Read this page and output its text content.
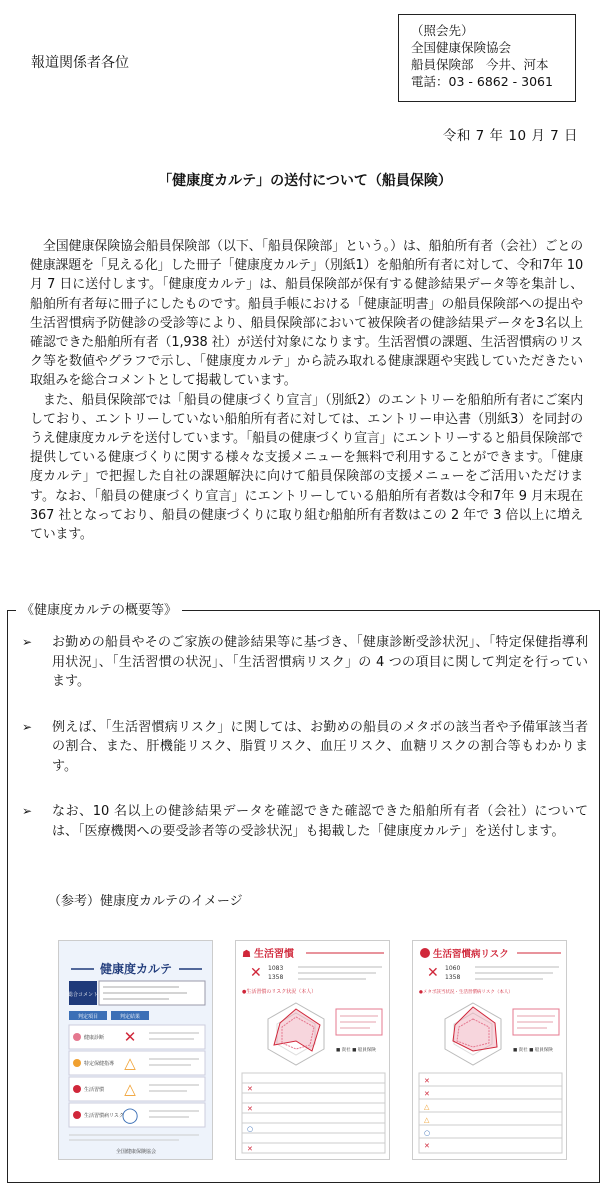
報道関係者各位
（照会先）
全国健康保険協会
船員保険部　今井、河本
電話：03 - 6862 - 3061
令和 7 年 10 月 7 日
「健康度カルテ」の送付について（船員保険）

全国健康保険協会船員保険部（以下、「船員保険部」という。）は、船舶所有者（会社）ごとの健康課題を「見える化」した冊子「健康度カルテ」（別紙1）を船舶所有者に対して、令和7年 10 月 7 日に送付します。「健康度カルテ」は、船員保険部が保有する健診結果データ等を集計し、船舶所有者毎に冊子にしたものです。船員手帳における「健康証明書」の船員保険部への提出や生活習慣病予防健診の受診等により、船員保険部において被保険者の健診結果データを3名以上確認できた船舶所有者（1,938 社）が送付対象になります。生活習慣の課題、生活習慣病のリスク等を数値やグラフで示し、「健康度カルテ」から読み取れる健康課題や実践していただきたい取組みを総合コメントとして掲載しています。

また、船員保険部では「船員の健康づくり宣言」（別紙2）のエントリーを船舶所有者にご案内しており、エントリーしていない船舶所有者に対しては、エントリー申込書（別紙3）を同封のうえ健康度カルテを送付しています。「船員の健康づくり宣言」にエントリーすると船員保険部で提供している健康づくりに関する様々な支援メニューを無料で利用することができます。「健康度カルテ」で把握した自社の課題解決に向けて船員保険部の支援メニューをご活用いただけます。なお、「船員の健康づくり宣言」にエントリーしている船舶所有者数は令和7年 9 月末現在 367 社となっており、船員の健康づくりに取り組む船舶所有者数はこの 2 年で 3 倍以上に増えています。

《健康度カルテの概要等》
➢	お勤めの船員やそのご家族の健診結果等に基づき、「健康診断受診状況」、「特定保健指導利用状況」、「生活習慣の状況」、「生活習慣病リスク」の 4 つの項目に関して判定を行っています。
➢	例えば、「生活習慣病リスク」に関しては、お勤めの船員のメタボの該当者や予備軍該当者の割合、また、肝機能リスク、脂質リスク、血圧リスク、血糖リスクの割合等もわかります。
➢	なお、10 名以上の健診結果データを確認できた確認できた船舶所有者（会社）については、「医療機関への要受診者等の受診状況」も掲載した「健康度カルテ」を送付します。
（参考）健康度カルテのイメージ
健康度カルテ
総合コメント
判定項目	判定結果
健康診断 ✕
特定保健指導 △
生活習慣 △
生活習慣病リスク
◯
全国健康保険協会
☗ 生活習慣
✕ 1083
1358
●生活習慣のリスク状況（本人）
■ 貴社 ■ 船員保険
✕
✕
○
✕
生活習慣病リスク
✕ 1060
1358
●メタボ該当状況・生活習慣病リスク（本人）
■ 貴社 ■ 船員保険
✕
✕
△
△
○
✕
